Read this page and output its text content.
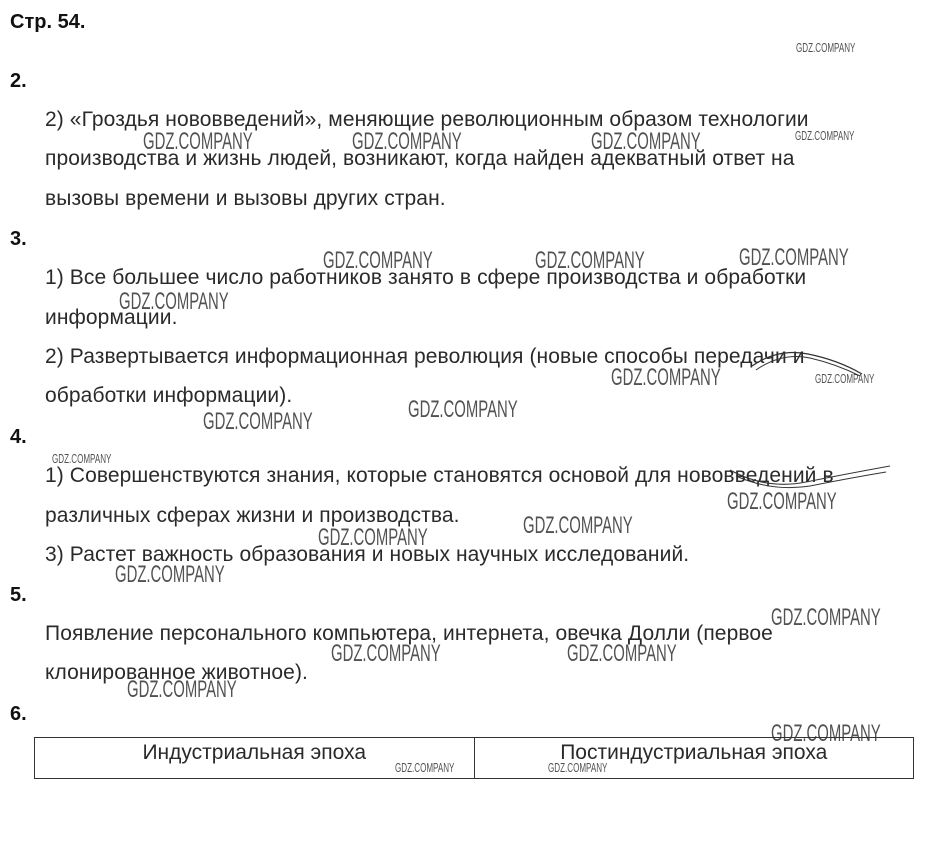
Стр. 54.
2.
2) «Гроздья нововведений», меняющие революционным образом технологии
производства и жизнь людей, возникают, когда найден адекватный ответ на
вызовы времени и вызовы других стран.
3.
1) Все большее число работников занято в сфере производства и обработки
информации.
2) Развертывается информационная революция (новые способы передачи и
обработки информации).
4.
1) Совершенствуются знания, которые становятся основой для нововведений в
различных сферах жизни и производства.
3) Растет важность образования и новых научных исследований.
5.
Появление персонального компьютера, интернета, овечка Долли (первое
клонированное животное).
6.
Индустриальная эпоха	Постиндустриальная эпоха
GDZ.COMPANY
GDZ.COMPANY	GDZ.COMPANY	GDZ.COMPANY	GDZ.COMPANY
GDZ.COMPANY	GDZ.COMPANY	GDZ.COMPANY
GDZ.COMPANY
GDZ.COMPANY	GDZ.COMPANY
GDZ.COMPANY
GDZ.COMPANY
GDZ.COMPANY
GDZ.COMPANY
GDZ.COMPANY
GDZ.COMPANY
GDZ.COMPANY
GDZ.COMPANY
GDZ.COMPANY	GDZ.COMPANY
GDZ.COMPANY
GDZ.COMPANY
GDZ.COMPANY	GDZ.COMPANY
